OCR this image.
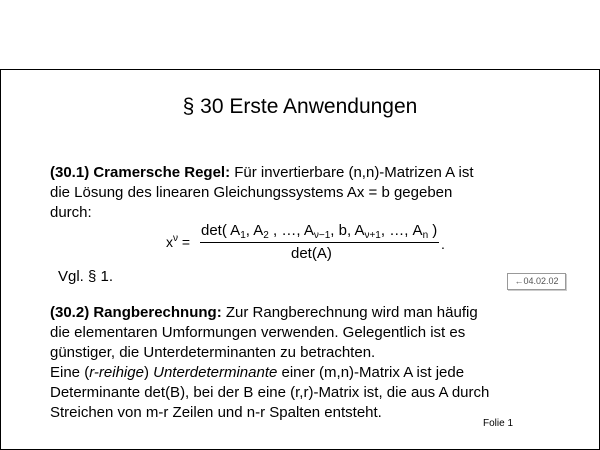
§ 30 Erste Anwendungen
(30.1) Cramersche Regel: Für invertierbare (n,n)-Matrizen A ist
die Lösung des linearen Gleichungssystems Ax = b gegeben
durch:
$x^\nu$ =
det( $A_1$, $A_2$ , …, $A_{\nu-1}$, b, $A_{\nu+1}$, …, $A_n$ )
det(A)
.
Vgl. § 1.	←04.02.02
(30.2) Rangberechnung: Zur Rangberechnung wird man häufig
die elementaren Umformungen verwenden. Gelegentlich ist es
günstiger, die Unterdeterminanten zu betrachten.
Eine (r-reihige) Unterdeterminante einer (m,n)-Matrix A ist jede
Determinante det(B), bei der B eine (r,r)-Matrix ist, die aus A durch
Streichen von m-r Zeilen und n-r Spalten entsteht.
Folie 1
